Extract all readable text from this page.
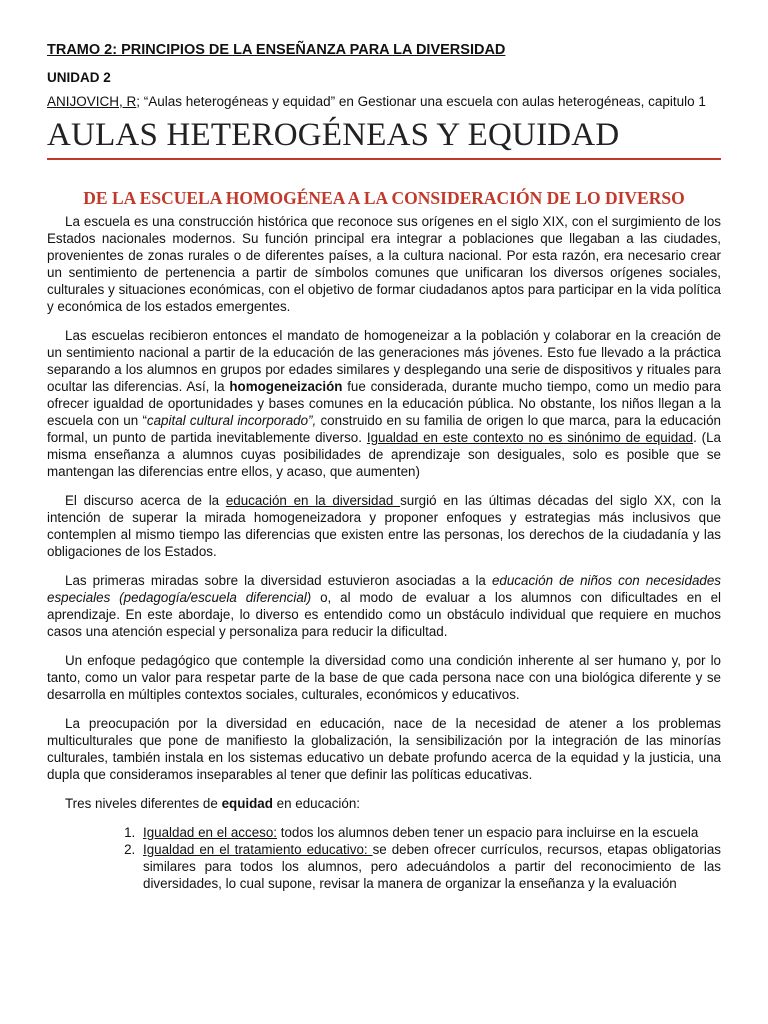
TRAMO 2: PRINCIPIOS DE LA ENSEÑANZA PARA LA DIVERSIDAD
UNIDAD 2

ANIJOVICH, R; “Aulas heterogéneas y equidad” en Gestionar una escuela con aulas heterogéneas, capitulo 1

AULAS HETEROGÉNEAS Y EQUIDAD
DE LA ESCUELA HOMOGÉNEA A LA CONSIDERACIÓN DE LO DIVERSO

La escuela es una construcción histórica que reconoce sus orígenes en el siglo XIX, con el surgimiento de los Estados nacionales modernos. Su función principal era integrar a poblaciones que llegaban a las ciudades, provenientes de zonas rurales o de diferentes países, a la cultura nacional. Por esta razón, era necesario crear un sentimiento de pertenencia a partir de símbolos comunes que unificaran los diversos orígenes sociales, culturales y situaciones económicas, con el objetivo de formar ciudadanos aptos para participar en la vida política y económica de los estados emergentes.

Las escuelas recibieron entonces el mandato de homogeneizar a la población y colaborar en la creación de un sentimiento nacional a partir de la educación de las generaciones más jóvenes. Esto fue llevado a la práctica separando a los alumnos en grupos por edades similares y desplegando una serie de dispositivos y rituales para ocultar las diferencias. Así, la homogeneización fue considerada, durante mucho tiempo, como un medio para ofrecer igualdad de oportunidades y bases comunes en la educación pública. No obstante, los niños llegan a la escuela con un “capital cultural incorporado”, construido en su familia de origen lo que marca, para la educación formal, un punto de partida inevitablemente diverso. Igualdad en este contexto no es sinónimo de equidad. (La misma enseñanza a alumnos cuyas posibilidades de aprendizaje son desiguales, solo es posible que se mantengan las diferencias entre ellos, y acaso, que aumenten)

El discurso acerca de la educación en la diversidad surgió en las últimas décadas del siglo XX, con la intención de superar la mirada homogeneizadora y proponer enfoques y estrategias más inclusivos que contemplen al mismo tiempo las diferencias que existen entre las personas, los derechos de la ciudadanía y las obligaciones de los Estados.

Las primeras miradas sobre la diversidad estuvieron asociadas a la educación de niños con necesidades especiales (pedagogía/escuela diferencial) o, al modo de evaluar a los alumnos con dificultades en el aprendizaje. En este abordaje, lo diverso es entendido como un obstáculo individual que requiere en muchos casos una atención especial y personaliza para reducir la dificultad.

Un enfoque pedagógico que contemple la diversidad como una condición inherente al ser humano y, por lo tanto, como un valor para respetar parte de la base de que cada persona nace con una biológica diferente y se desarrolla en múltiples contextos sociales, culturales, económicos y educativos.

La preocupación por la diversidad en educación, nace de la necesidad de atener a los problemas multiculturales que pone de manifiesto la globalización, la sensibilización por la integración de las minorías culturales, también instala en los sistemas educativo un debate profundo acerca de la equidad y la justicia, una dupla que consideramos inseparables al tener que definir las políticas educativas.

Tres niveles diferentes de equidad en educación:

1. Igualdad en el acceso: todos los alumnos deben tener un espacio para incluirse en la escuela
2. Igualdad en el tratamiento educativo: se deben ofrecer currículos, recursos, etapas obligatorias similares para todos los alumnos, pero adecuándolos a partir del reconocimiento de las diversidades, lo cual supone, revisar la manera de organizar la enseñanza y la evaluación
